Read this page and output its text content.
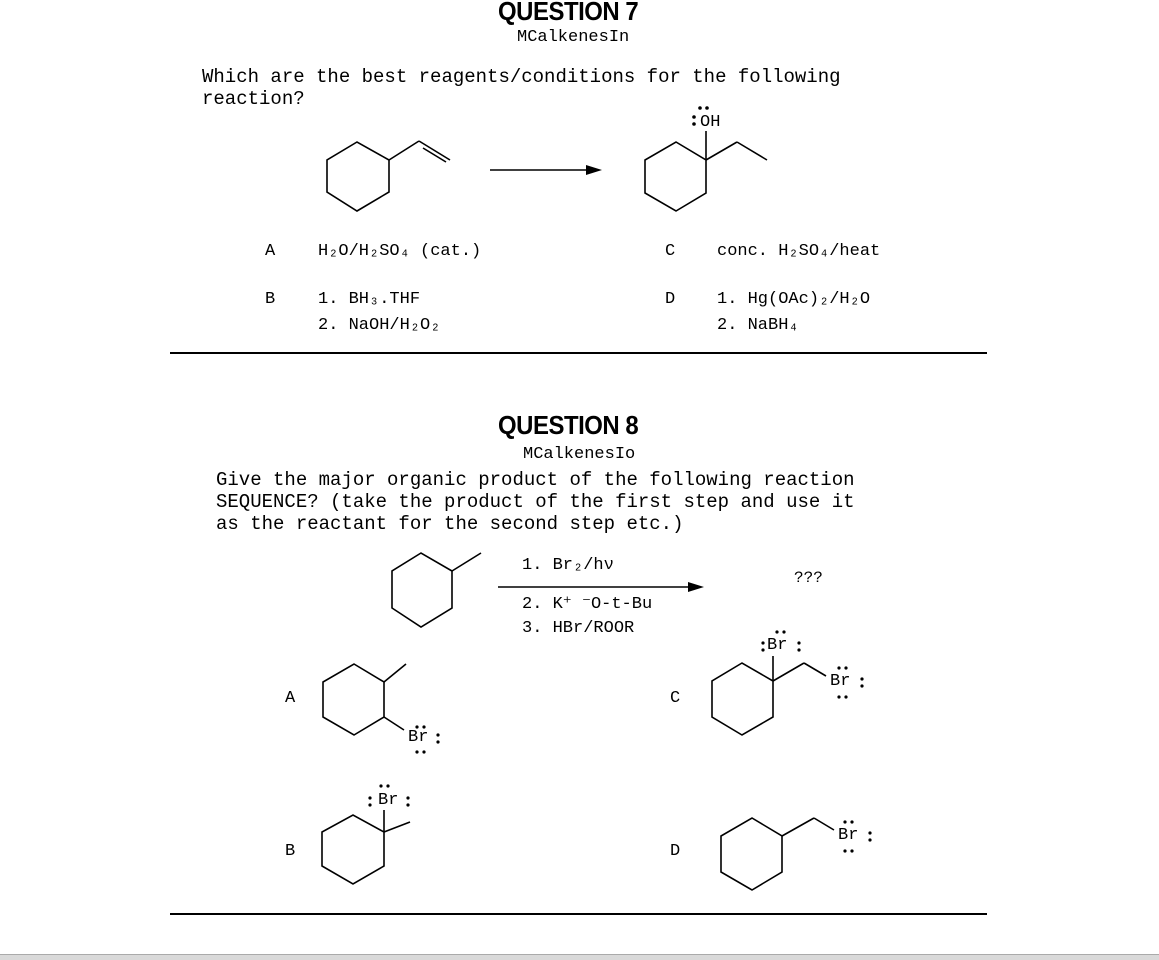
QUESTION 7
MCalkenesIn
Which are the best reagents/conditions for the following
reaction?
OH
A	H₂O/H₂SO₄ (cat.)	C conc. H₂SO₄/heat
B	1. BH₃.THF
2. NaOH/H₂O₂
D 1. Hg(OAc)₂/H₂O
2. NaBH₄
QUESTION 8
MCalkenesIo
Give the major organic product of the following reaction
SEQUENCE? (take the product of the first step and use it
as the reactant for the second step etc.)
1. Br₂/hν
???
2. K⁺ ⁻O-t-Bu
3. HBr/ROOR
Br
Br
Br
Br
Br
A	C
B	D
